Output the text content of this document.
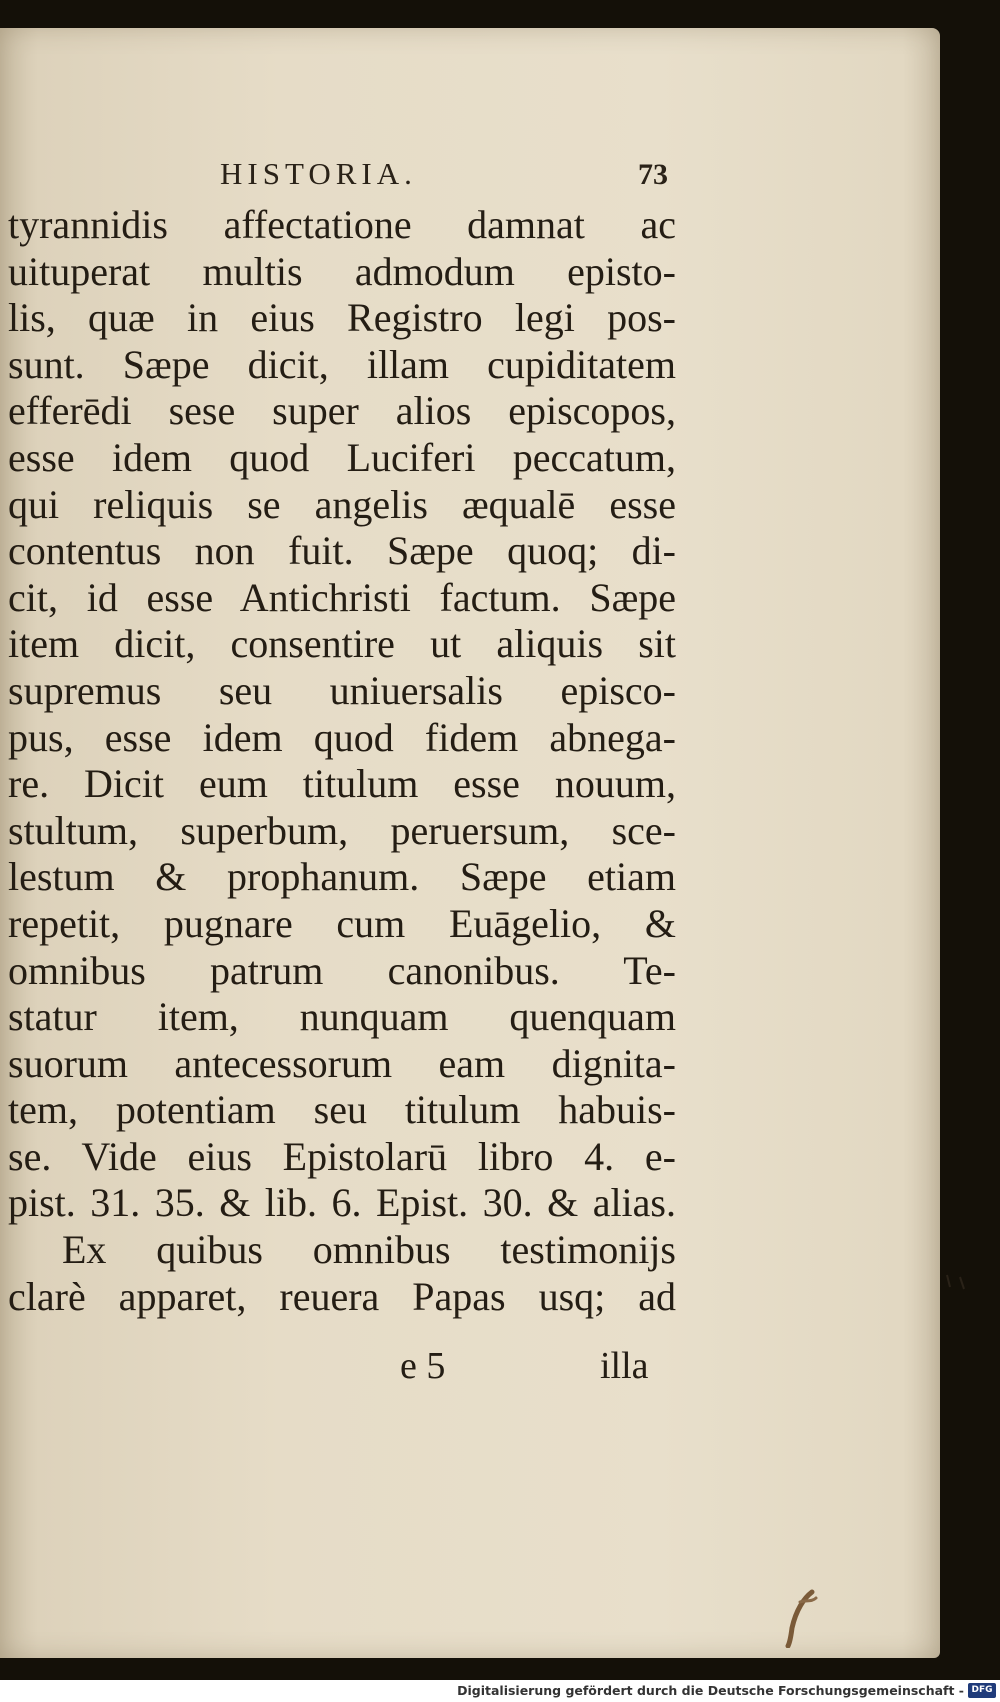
HISTORIA.	73
tyrannidis affectatione damnat ac
uituperat multis admodum episto-
lis, quæ in eius Registro legi pos-
sunt. Sæpe dicit, illam cupiditatem
efferēdi sese super alios episcopos,
esse idem quod Luciferi peccatum,
qui reliquis se angelis æqualē esse
contentus non fuit. Sæpe quoq; di-
cit, id esse Antichristi factum. Sæpe
item dicit, consentire ut aliquis sit
supremus seu uniuersalis episco-
pus, esse idem quod fidem abnega-
re. Dicit eum titulum esse nouum,
stultum, superbum, peruersum, sce-
lestum & prophanum. Sæpe etiam
repetit, pugnare cum Euāgelio, &
omnibus patrum canonibus. Te-
statur item, nunquam quenquam
suorum antecessorum eam dignita-
tem, potentiam seu titulum habuis-
se. Vide eius Epistolarū libro 4. e-
pist. 31. 35. & lib. 6. Epist. 30. & alias.
Ex quibus omnibus testimonijs
clarè apparet, reuera Papas usq; ad
e 5	illa
Digitalisierung gefördert durch die Deutsche Forschungsgemeinschaft - DFG
